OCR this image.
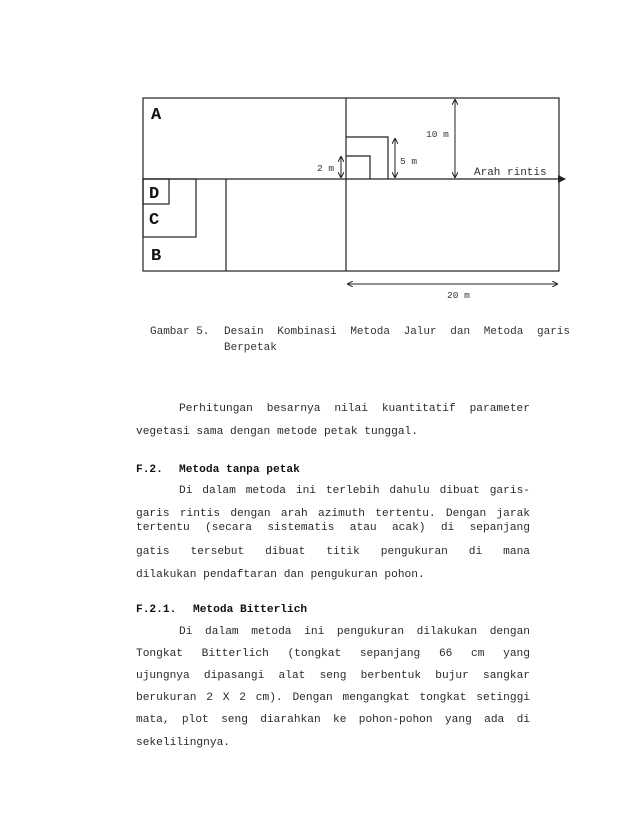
A
D
C
B
10 m
5 m
2 m
20 m
Arah rintis
Gambar 5.	Desain Kombinasi Metoda Jalur dan Metoda garis
Berpetak
Perhitungan besarnya nilai kuantitatif parameter
vegetasi sama dengan metode petak tunggal.
F.2. Metoda tanpa petak
Di dalam metoda ini terlebih dahulu dibuat garis-
garis rintis dengan arah azimuth tertentu. Dengan jarak
tertentu (secara sistematis atau acak) di sepanjang
gatis tersebut dibuat titik pengukuran di mana
dilakukan pendaftaran dan pengukuran pohon.
F.2.1. Metoda Bitterlich
Di dalam metoda ini pengukuran dilakukan dengan
Tongkat Bitterlich (tongkat sepanjang 66 cm yang
ujungnya dipasangi alat seng berbentuk bujur sangkar
berukuran 2 X 2 cm). Dengan mengangkat tongkat setinggi
mata, plot seng diarahkan ke pohon-pohon yang ada di
sekelilingnya.
